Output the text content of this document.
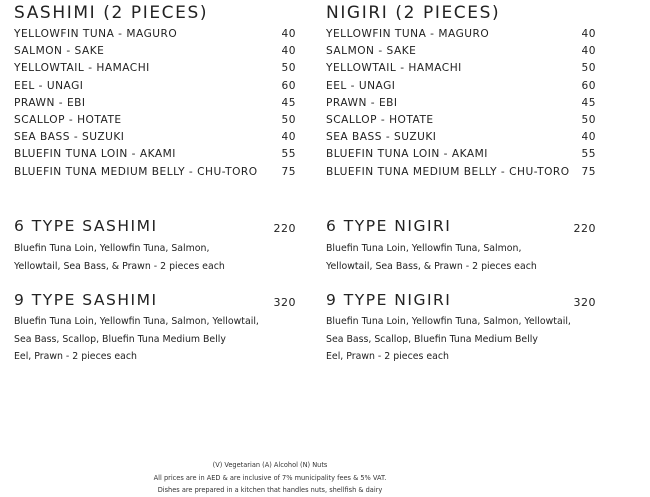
SASHIMI (2 PIECES)
YELLOWFIN TUNA - MAGURO	40
SALMON - SAKE	40
YELLOWTAIL - HAMACHI	50
EEL - UNAGI	60
PRAWN - EBI	45
SCALLOP - HOTATE	50
SEA BASS - SUZUKI	40
BLUEFIN TUNA LOIN - AKAMI	55
BLUEFIN TUNA MEDIUM BELLY - CHU-TORO 75
6 TYPE SASHIMI	220
Bluefin Tuna Loin, Yellowfin Tuna, Salmon,
Yellowtail, Sea Bass, & Prawn - 2 pieces each
9 TYPE SASHIMI	320
Bluefin Tuna Loin, Yellowfin Tuna, Salmon, Yellowtail,
Sea Bass, Scallop, Bluefin Tuna Medium Belly
Eel, Prawn - 2 pieces each
NIGIRI (2 PIECES)
YELLOWFIN TUNA - MAGURO	40
SALMON - SAKE	40
YELLOWTAIL - HAMACHI	50
EEL - UNAGI	60
PRAWN - EBI	45
SCALLOP - HOTATE	50
SEA BASS - SUZUKI	40
BLUEFIN TUNA LOIN - AKAMI	55
BLUEFIN TUNA MEDIUM BELLY - CHU-TORO 75
6 TYPE NIGIRI	220
Bluefin Tuna Loin, Yellowfin Tuna, Salmon,
Yellowtail, Sea Bass, & Prawn - 2 pieces each
9 TYPE NIGIRI	320
Bluefin Tuna Loin, Yellowfin Tuna, Salmon, Yellowtail,
Sea Bass, Scallop, Bluefin Tuna Medium Belly
Eel, Prawn - 2 pieces each
(V) Vegetarian (A) Alcohol (N) Nuts
All prices are in AED & are inclusive of 7% municipality fees & 5% VAT.
Dishes are prepared in a kitchen that handles nuts, shellfish & dairy
